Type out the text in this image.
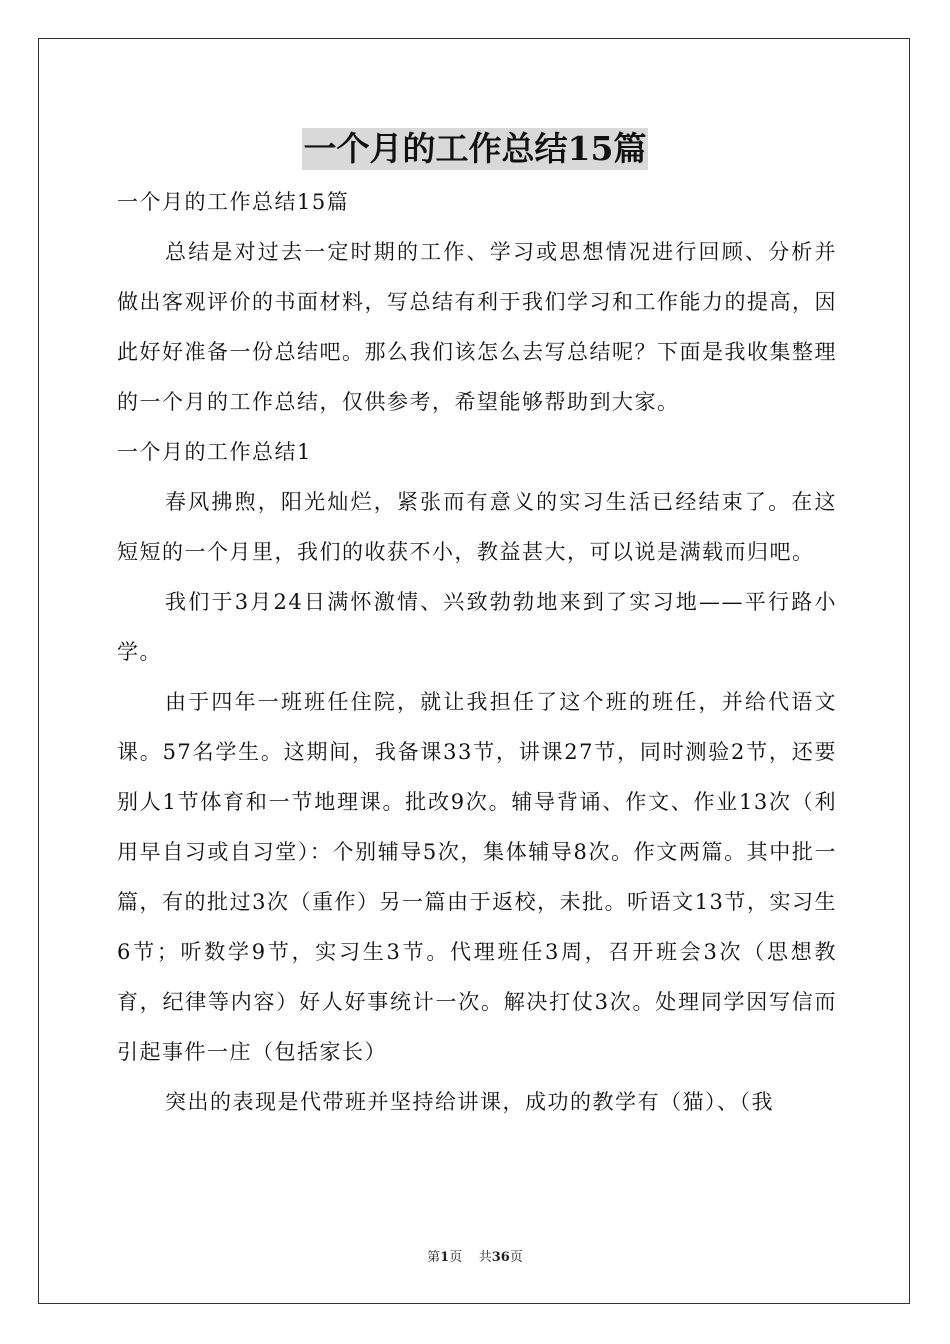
一个月的工作总结15篇

一个月的工作总结15篇

总结是对过去一定时期的工作、学习或思想情况进行回顾、分析并做出客观评价的书面材料，写总结有利于我们学习和工作能力的提高，因此好好准备一份总结吧。那么我们该怎么去写总结呢？下面是我收集整理的一个月的工作总结，仅供参考，希望能够帮助到大家。

一个月的工作总结1

春风拂煦，阳光灿烂，紧张而有意义的实习生活已经结束了。在这短短的一个月里，我们的收获不小，教益甚大，可以说是满载而归吧。

我们于3月24日满怀激情、兴致勃勃地来到了实习地——平行路小学。

由于四年一班班任住院，就让我担任了这个班的班任，并给代语文课。57名学生。这期间，我备课33节，讲课27节，同时测验2节，还要别人1节体育和一节地理课。批改9次。辅导背诵、作文、作业13次（利用早自习或自习堂）：个别辅导5次，集体辅导8次。作文两篇。其中批一篇，有的批过3次（重作）另一篇由于返校，未批。听语文13节，实习生6节；听数学9节，实习生3节。代理班任3周，召开班会3次（思想教育，纪律等内容）好人好事统计一次。解决打仗3次。处理同学因写信而引起事件一庄（包括家长）

突出的表现是代带班并坚持给讲课，成功的教学有（猫）、（我

第1页 共36页
